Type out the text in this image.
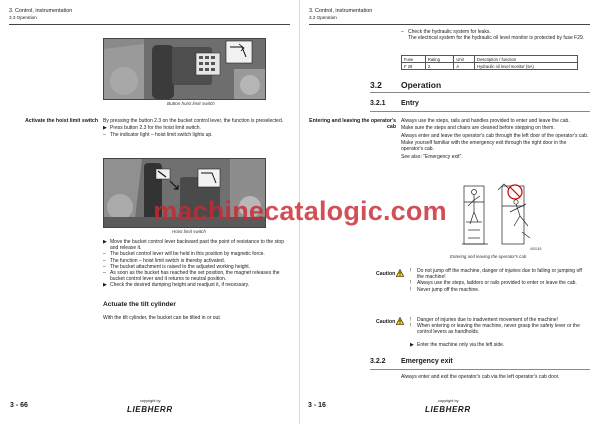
3. Control, instrumentation
3.3 Operation
Button hoist limit switch
Activate the hoist limit switch By pressing the button 2.3 on the bucket control lever, the function is preselected.

▶ Press button 2.3 for the hoist limit switch.
– The indicator light – hoist limit switch lights up.
Hoist limit switch
▶ Move the bucket control lever backward past the point of resistance to the stop and release it.
– The bucket control lever will be held in this position by magnetic force.
– The function – hoist limit switch is thereby activated.
– The bucket attachment is raised to the adjusted working height.
– As soon as the bucket has reached the set position, the magnet releases the bucket control lever and it returns to neutral position.
▶ Check the desired dumping height and readjust it, if necessary.
Actuate the tilt cylinder
With the tilt cylinder, the bucket can be tilted in or out.
3 - 66
copyright by
LIEBHERR
3. Control, instrumentation
3.2 Operation
– Check the hydraulic system for leaks.
The electrical system for the hydraulic oil level monitor is protected by fuse F29.
Fuse	Rating	Unit	Description / function
F 29	2	A	Hydraulic oil level monitor (5A)
3.2 Operation
3.2.1 Entry
Entering and leaving the operator's cab

Always use the steps, rails and handles provided to enter and leave the cab.

Make sure the steps and chairs are cleaned before stepping on them.

Always enter and leave the operator's cab through the left door of the operator's cab.

Make yourself familiar with the emergency exit through the right door in the operator's cab.

See also: "Emergency exit".

4G0163
Entering and leaving the operator's cab
Caution	!	Do not jump off the machine, danger of injuries due to falling or jumping off the machine!
!	Always use the steps, ladders or rails provided to enter or leave the cab.
!	Never jump off the machine.
Caution	!	Danger of injuries due to inadvertent movement of the machine!
!	When entering or leaving the machine, never grasp the safety lever or the control levers as handholds.
▶ Enter the machine only via the left side.
3.2.2 Emergency exit
Always enter and exit the operator's cab via the left operator's cab door.
3 - 16
copyright by
LIEBHERR
machinecatalogic.com
